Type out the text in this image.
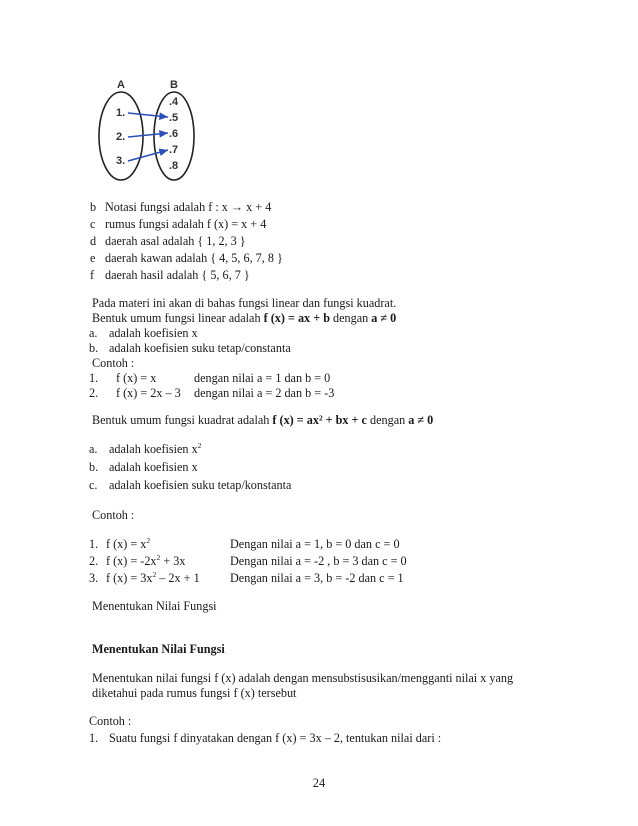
A	B
1.
2.
3.
.4
.5
.6
.7
.8
b Notasi fungsi adalah f : x → x + 4
c rumus fungsi adalah f (x) = x + 4
d daerah asal adalah { 1, 2, 3 }
e daerah kawan adalah { 4, 5, 6, 7, 8 }
f daerah hasil adalah { 5, 6, 7 }
Pada materi ini akan di bahas fungsi linear dan fungsi kuadrat.
Bentuk umum fungsi linear adalah f (x) = ax + b dengan a ≠ 0
a. adalah koefisien x
b. adalah koefisien suku tetap/constanta
Contoh :
1. f (x) = x	dengan nilai a = 1 dan b = 0
2. f (x) = 2x – 3 dengan nilai a = 2 dan b = -3
Bentuk umum fungsi kuadrat adalah f (x) = ax² + bx + c dengan a ≠ 0
a. adalah koefisien $x^2$
b. adalah koefisien x
c. adalah koefisien suku tetap/konstanta
Contoh :
1. f $(x) = x^2$	Dengan nilai a = 1, b = 0 dan c = 0
2. f $(x) = -2x^2 + 3x$	Dengan nilai a = -2 , b = 3 dan c = 0
3. f $(x) = 3x^2 - 2x + 1$ Dengan nilai a = 3, b = -2 dan c = 1
Menentukan Nilai Fungsi
Menentukan Nilai Fungsi
Menentukan nilai fungsi f (x) adalah dengan mensubstisusikan/mengganti nilai x yang
diketahui pada rumus fungsi f (x) tersebut
Contoh :
1. Suatu fungsi f dinyatakan dengan f (x) = 3x – 2, tentukan nilai dari :
24
